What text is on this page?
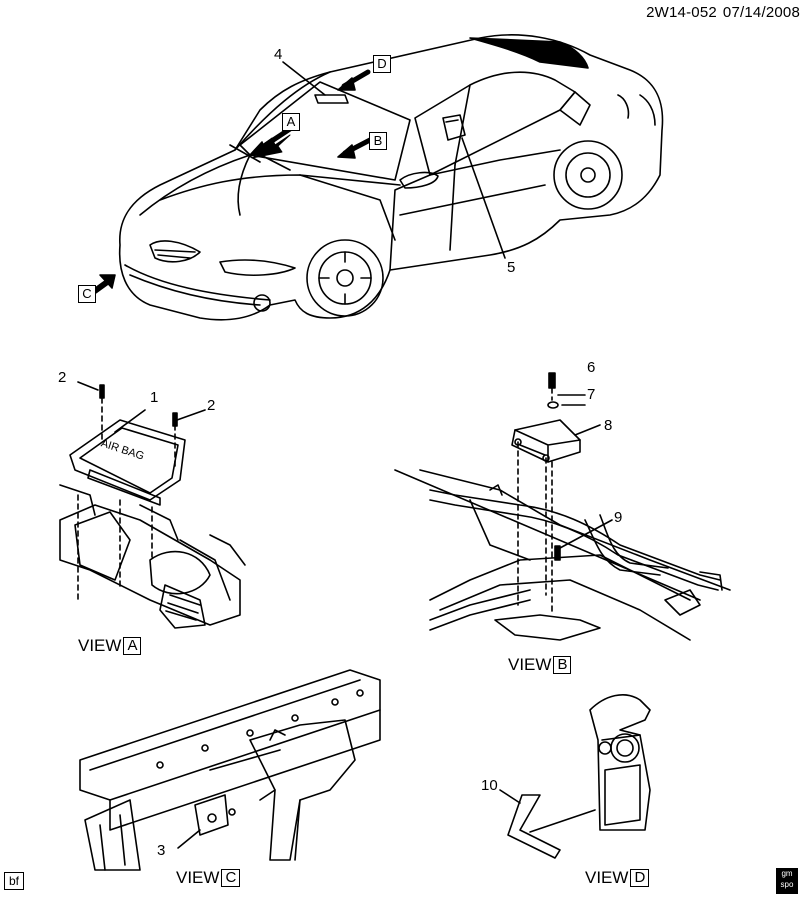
2W14-052 07/14/2008
4
5
2
1	2
6
7
8
9
10
3
A
B
C
D
AIR BAG
VIEW A
VIEW B
VIEW C	VIEW D
bf
gm
spo
